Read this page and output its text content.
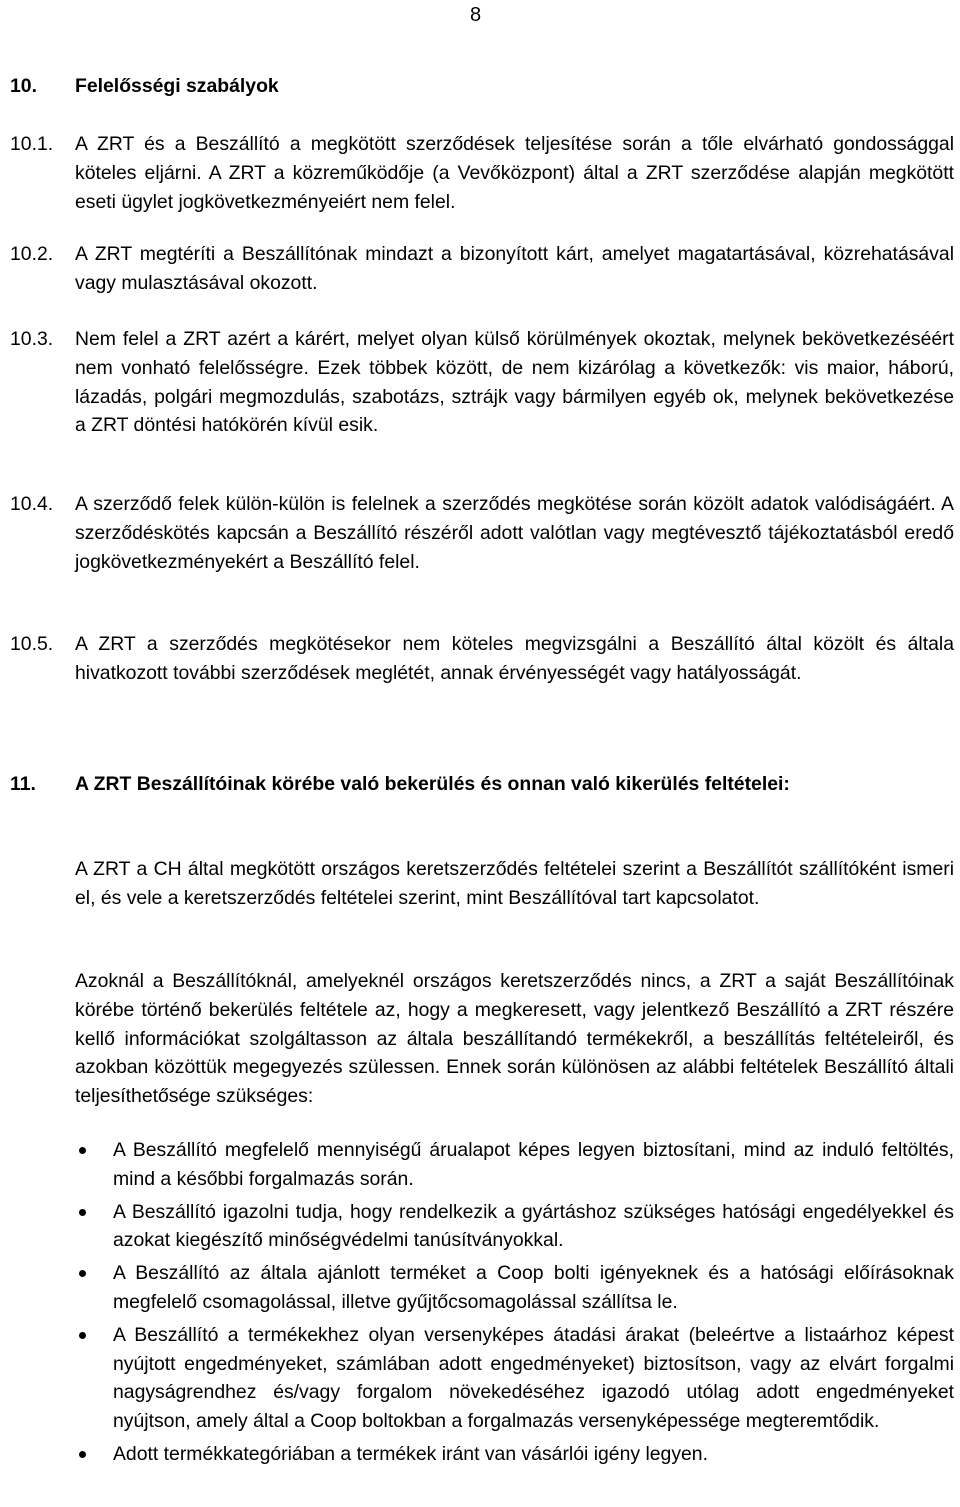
8
10.	Felelősségi szabályok
10.1.	A ZRT és a Beszállító a megkötött szerződések teljesítése során a tőle elvárható gondossággal köteles eljárni. A ZRT a közreműködője (a Vevőközpont) által a ZRT szerződése alapján megkötött eseti ügylet jogkövetkezményeiért nem felel.
10.2.	A ZRT megtéríti a Beszállítónak mindazt a bizonyított kárt, amelyet magatartásával, közrehatásával vagy mulasztásával okozott.
10.3.	Nem felel a ZRT azért a kárért, melyet olyan külső körülmények okoztak, melynek bekövetkezéséért nem vonható felelősségre. Ezek többek között, de nem kizárólag a következők: vis maior, háború, lázadás, polgári megmozdulás, szabotázs, sztrájk vagy bármilyen egyéb ok, melynek bekövetkezése a ZRT döntési hatókörén kívül esik.
10.4.	A szerződő felek külön-külön is felelnek a szerződés megkötése során közölt adatok valódiságáért. A szerződéskötés kapcsán a Beszállító részéről adott valótlan vagy megtévesztő tájékoztatásból eredő jogkövetkezményekért a Beszállító felel.
10.5.	A ZRT a szerződés megkötésekor nem köteles megvizsgálni a Beszállító által közölt és általa hivatkozott további szerződések meglétét, annak érvényességét vagy hatályosságát.
11.	A ZRT Beszállítóinak körébe való bekerülés és onnan való kikerülés feltételei:
A ZRT a CH által megkötött országos keretszerződés feltételei szerint a Beszállítót szállítóként ismeri el, és vele a keretszerződés feltételei szerint, mint Beszállítóval tart kapcsolatot.
Azoknál a Beszállítóknál, amelyeknél országos keretszerződés nincs, a ZRT a saját Beszállítóinak körébe történő bekerülés feltétele az, hogy a megkeresett, vagy jelentkező Beszállító a ZRT részére kellő információkat szolgáltasson az általa beszállítandó termékekről, a beszállítás feltételeiről, és azokban közöttük megegyezés szülessen. Ennek során különösen az alábbi feltételek Beszállító általi teljesíthetősége szükséges:
A Beszállító megfelelő mennyiségű árualapot képes legyen biztosítani, mind az induló feltöltés, mind a későbbi forgalmazás során.
A Beszállító igazolni tudja, hogy rendelkezik a gyártáshoz szükséges hatósági engedélyekkel és azokat kiegészítő minőségvédelmi tanúsítványokkal.
A Beszállító az általa ajánlott terméket a Coop bolti igényeknek és a hatósági előírásoknak megfelelő csomagolással, illetve gyűjtőcsomagolással szállítsa le.
A Beszállító a termékekhez olyan versenyképes átadási árakat (beleértve a listaárhoz képest nyújtott engedményeket, számlában adott engedményeket) biztosítson, vagy az elvárt forgalmi nagyságrendhez és/vagy forgalom növekedéséhez igazodó utólag adott engedményeket nyújtson, amely által a Coop boltokban a forgalmazás versenyképessége megteremtődik.
Adott termékkategóriában a termékek iránt van vásárlói igény legyen.
